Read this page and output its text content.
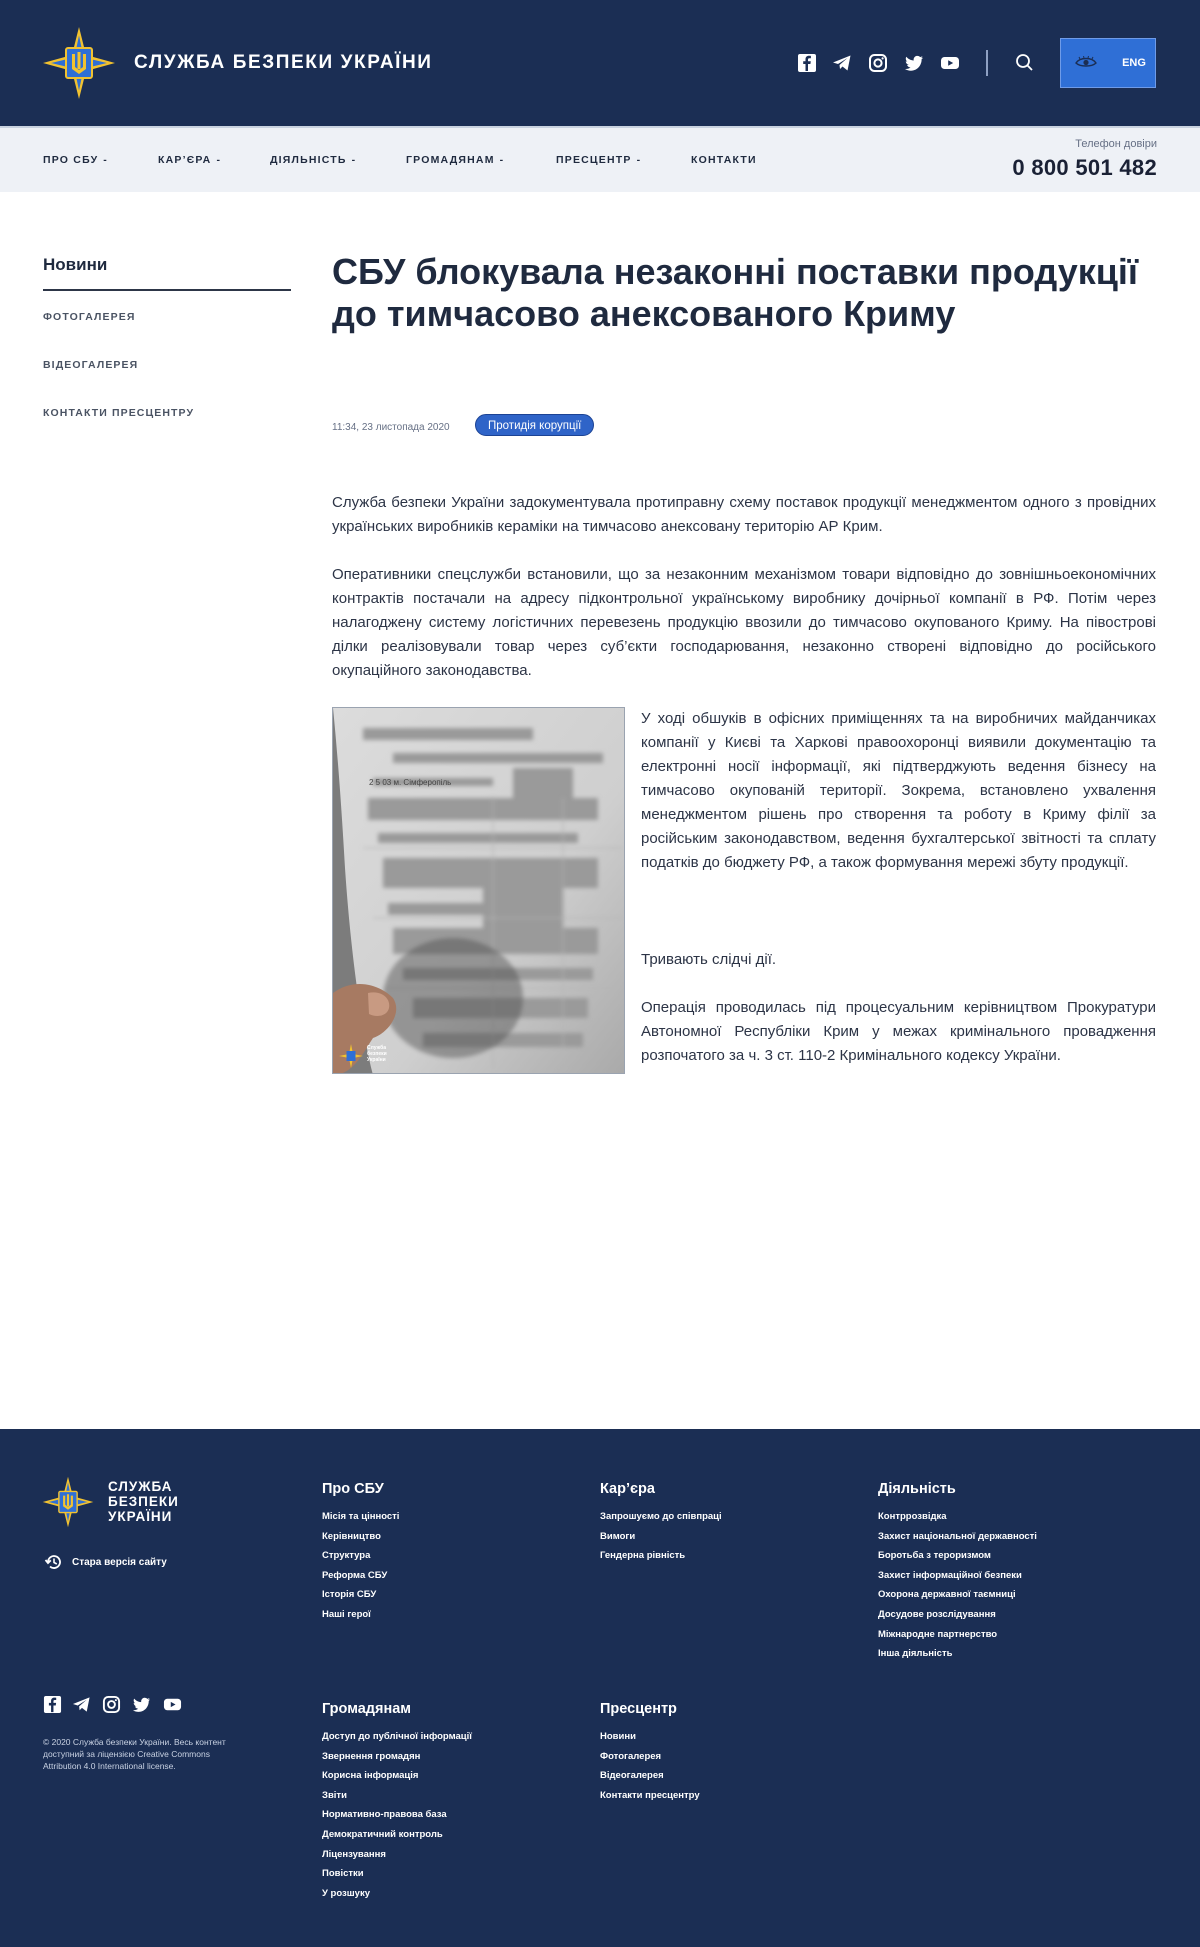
СЛУЖБА БЕЗПЕКИ УКРАЇНИ	ENG
ПРО СБУ -	КАР’ЄРА -	ДІЯЛЬНІСТЬ -	ГРОМАДЯНАМ -	ПРЕСЦЕНТР -	КОНТАКТИ
Телефон довіри
0 800 501 482
Новини
ФОТОГАЛЕРЕЯ
ВІДЕОГАЛЕРЕЯ
КОНТАКТИ ПРЕСЦЕНТРУ
СБУ блокувала незаконні поставки продукції до тимчасово анексованого Криму
11:34, 23 листопада 2020	Протидія корупції

Служба безпеки України задокументувала протиправну схему поставок продукції менеджментом одного з провідних українських виробників кераміки на тимчасово анексовану територію АР Крим.

Оперативники спецслужби встановили, що за незаконним механізмом товари відповідно до зовнішньоекономічних контрактів постачали на адресу підконтрольної українському виробнику дочірньої компанії в РФ. Потім через налагоджену систему логістичних перевезень продукцію ввозили до тимчасово окупованого Криму. На півострові ділки реалізовували товар через суб’єкти господарювання, незаконно створені відповідно до російського окупаційного законодавства.

2 5 03 м. Сімферопіль
Служба безпеки України

У ході обшуків в офісних приміщеннях та на виробничих майданчиках компанії у Києві та Харкові правоохоронці виявили документацію та електронні носії інформації, які підтверджують ведення бізнесу на тимчасово окупованій території. Зокрема, встановлено ухвалення менеджментом рішень про створення та роботу в Криму філії за російським законодавством, ведення бухгалтерської звітності та сплату податків до бюджету РФ, а також формування мережі збуту продукції.

Тривають слідчі дії.

Операція проводилась під процесуальним керівництвом Прокуратури Автономної Республіки Крим у межах кримінального провадження розпочатого за ч. 3 ст. 110-2 Кримінального кодексу України.

СЛУЖБА
БЕЗПЕКИ
УКРАЇНИ
Стара версія сайту
Про СБУ
Місія та цінності
Керівництво
Структура
Реформа СБУ
Історія СБУ
Наші герої
Кар’єра
Запрошуємо до співпраці
Вимоги
Гендерна рівність
Діяльність
Контррозвідка
Захист національної державності
Боротьба з тероризмом
Захист інформаційної безпеки
Охорона державної таємниці
Досудове розслідування
Міжнародне партнерство
Інша діяльність
© 2020 Служба безпеки України. Весь контент доступний за ліцензією Creative Commons Attribution 4.0 International license.
Громадянам
Доступ до публічної інформації
Звернення громадян
Корисна інформація
Звіти
Нормативно-правова база
Демократичний контроль
Ліцензування
Повістки
У розшуку
Пресцентр
Новини
Фотогалерея
Відеогалерея
Контакти пресцентру
